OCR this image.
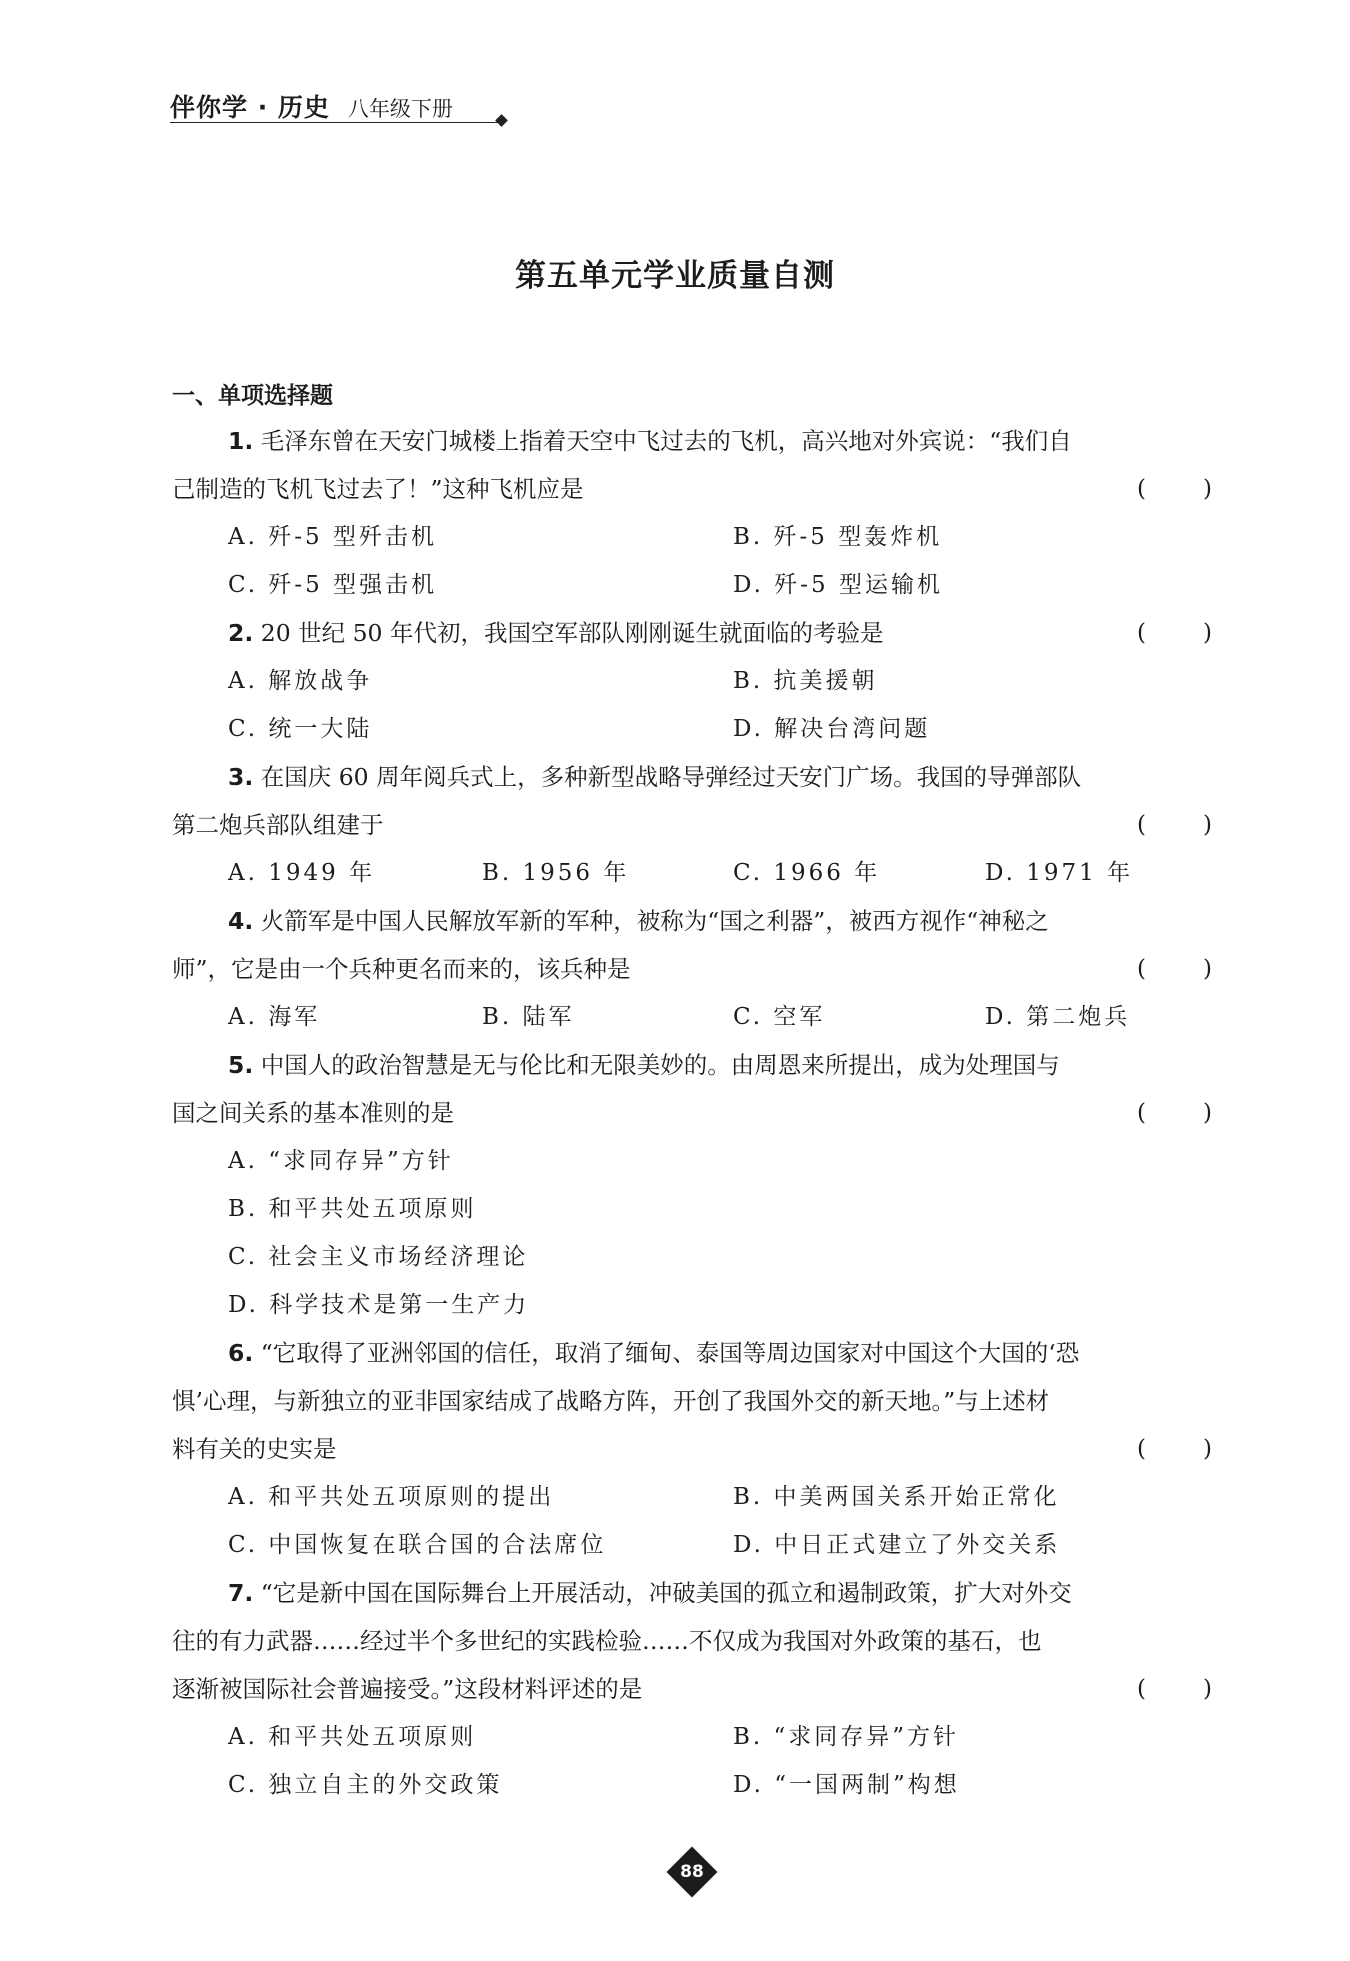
伴你学 · 历史 八年级下册
第五单元学业质量自测
一、单项选择题
1. 毛泽东曾在天安门城楼上指着天空中飞过去的飞机，高兴地对外宾说：“我们自
己制造的飞机飞过去了！”这种飞机应是	( )
A. 歼-5 型歼击机	B. 歼-5 型轰炸机
C. 歼-5 型强击机	D. 歼-5 型运输机
2. 20 世纪 50 年代初，我国空军部队刚刚诞生就面临的考验是	( )
A. 解放战争	B. 抗美援朝
C. 统一大陆	D. 解决台湾问题
3. 在国庆 60 周年阅兵式上，多种新型战略导弹经过天安门广场。我国的导弹部队
第二炮兵部队组建于	( )
A. 1949 年	B. 1956 年	C. 1966 年	D. 1971 年
4. 火箭军是中国人民解放军新的军种，被称为“国之利器”，被西方视作“神秘之
师”，它是由一个兵种更名而来的，该兵种是	( )
A. 海军	B. 陆军	C. 空军	D. 第二炮兵
5. 中国人的政治智慧是无与伦比和无限美妙的。由周恩来所提出，成为处理国与
国之间关系的基本准则的是	( )
A. “求同存异”方针
B. 和平共处五项原则
C. 社会主义市场经济理论
D. 科学技术是第一生产力
6. “它取得了亚洲邻国的信任，取消了缅甸、泰国等周边国家对中国这个大国的‘恐
惧’心理，与新独立的亚非国家结成了战略方阵，开创了我国外交的新天地。”与上述材
料有关的史实是	( )
A. 和平共处五项原则的提出	B. 中美两国关系开始正常化
C. 中国恢复在联合国的合法席位	D. 中日正式建立了外交关系
7. “它是新中国在国际舞台上开展活动，冲破美国的孤立和遏制政策，扩大对外交
往的有力武器……经过半个多世纪的实践检验……不仅成为我国对外政策的基石，也
逐渐被国际社会普遍接受。”这段材料评述的是	( )
A. 和平共处五项原则	B. “求同存异”方针
C. 独立自主的外交政策	D. “一国两制”构想
88
